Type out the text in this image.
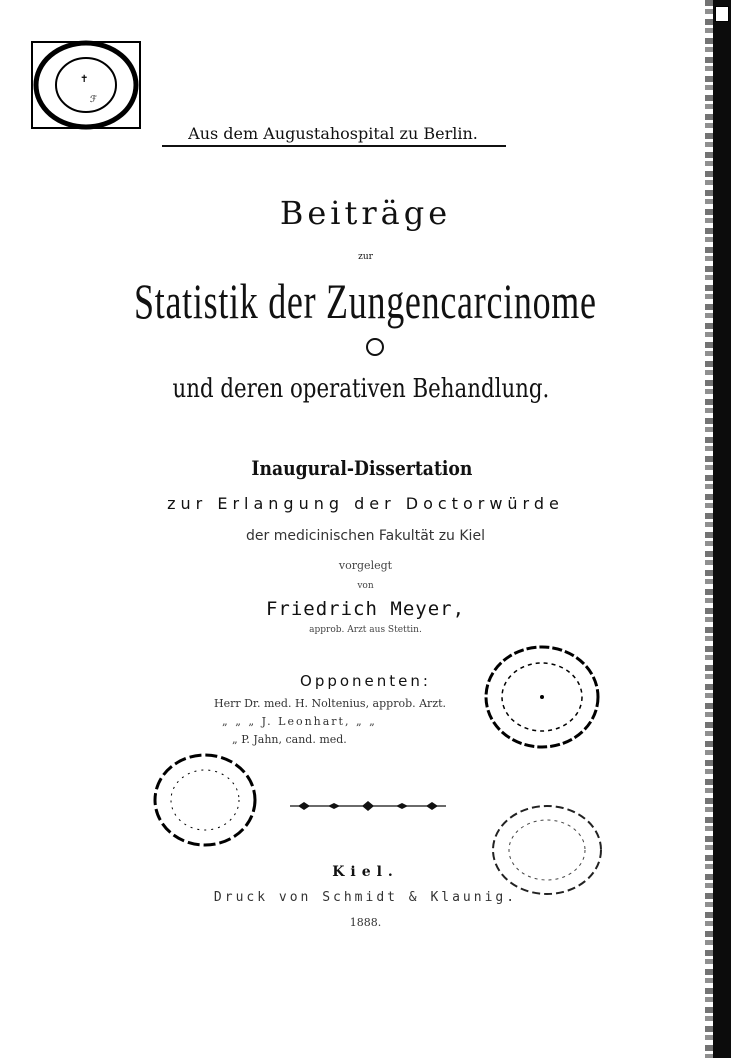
✝
ℱ
Aus dem Augustahospital zu Berlin.
Beiträge
zur
Statistik der Zungencarcinome
und deren operativen Behandlung.
Inaugural-Dissertation
zur Erlangung der Doctorwürde
der medicinischen Fakultät zu Kiel
vorgelegt
von
Friedrich Meyer,
approb. Arzt aus Stettin.
Opponenten:
Herr Dr. med. H. Noltenius, approb. Arzt.
„ „ „ J. Leonhart, „ „
„ P. Jahn, cand. med.
Kiel.
Druck von Schmidt & Klaunig.
1888.
